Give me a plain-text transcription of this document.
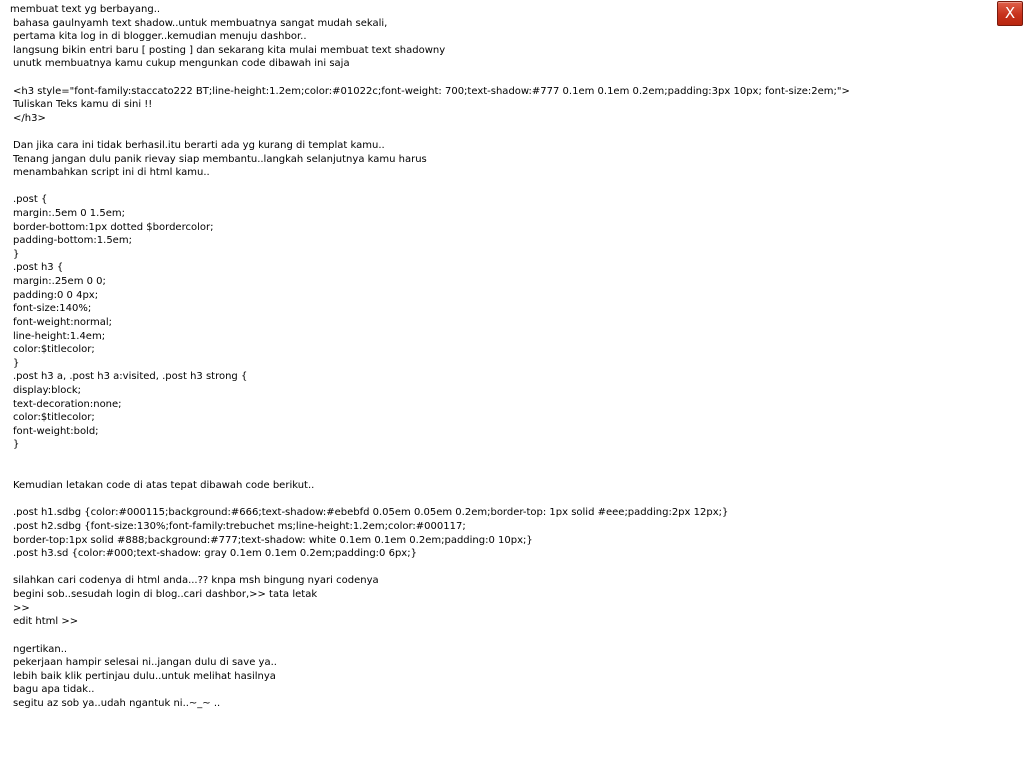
membuat text yg berbayang..
bahasa gaulnyamh text shadow..untuk membuatnya sangat mudah sekali,
pertama kita log in di blogger..kemudian menuju dashbor..
langsung bikin entri baru [ posting ] dan sekarang kita mulai membuat text shadowny
unutk membuatnya kamu cukup mengunkan code dibawah ini saja
<h3 style="font-family:staccato222 BT;line-height:1.2em;color:#01022c;font-weight: 700;text-shadow:#777 0.1em 0.1em 0.2em;padding:3px 10px; font-size:2em;">
Tuliskan Teks kamu di sini !!
</h3>
Dan jika cara ini tidak berhasil.itu berarti ada yg kurang di templat kamu..
Tenang jangan dulu panik rievay siap membantu..langkah selanjutnya kamu harus
menambahkan script ini di html kamu..
.post {
margin:.5em 0 1.5em;
border-bottom:1px dotted $bordercolor;
padding-bottom:1.5em;
}
.post h3 {
margin:.25em 0 0;
padding:0 0 4px;
font-size:140%;
font-weight:normal;
line-height:1.4em;
color:$titlecolor;
}
.post h3 a, .post h3 a:visited, .post h3 strong {
display:block;
text-decoration:none;
color:$titlecolor;
font-weight:bold;
}
Kemudian letakan code di atas tepat dibawah code berikut..
.post h1.sdbg {color:#000115;background:#666;text-shadow:#ebebfd 0.05em 0.05em 0.2em;border-top: 1px solid #eee;padding:2px 12px;}
.post h2.sdbg {font-size:130%;font-family:trebuchet ms;line-height:1.2em;color:#000117;
border-top:1px solid #888;background:#777;text-shadow: white 0.1em 0.1em 0.2em;padding:0 10px;}
.post h3.sd {color:#000;text-shadow: gray 0.1em 0.1em 0.2em;padding:0 6px;}
silahkan cari codenya di html anda...?? knpa msh bingung nyari codenya
begini sob..sesudah login di blog..cari dashbor,>> tata letak
>>
edit html >>
ngertikan..
pekerjaan hampir selesai ni..jangan dulu di save ya..
lebih baik klik pertinjau dulu..untuk melihat hasilnya
bagu apa tidak..
segitu az sob ya..udah ngantuk ni..~_~ ..
X
